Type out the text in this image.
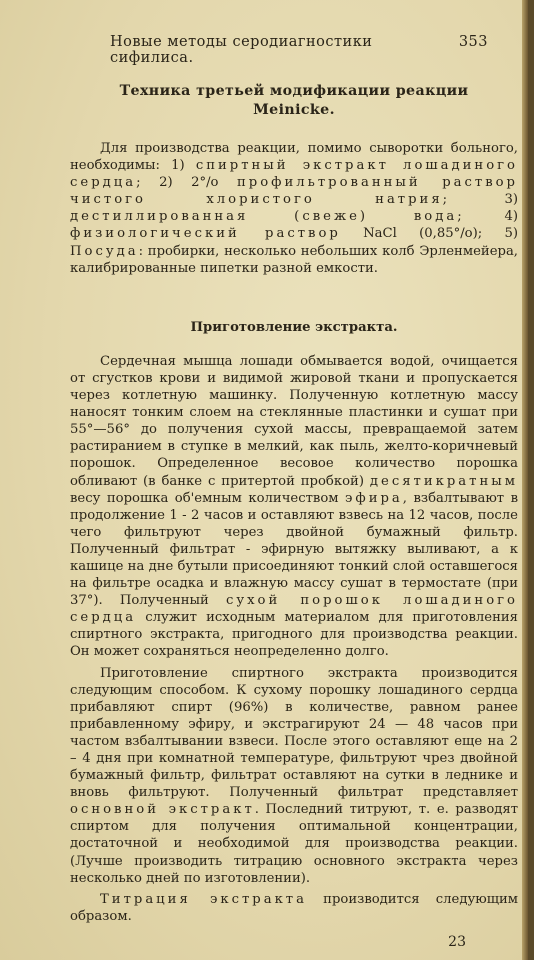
Новые методы серодиагностики сифилиса.
353
Техника третьей модификации реакции
Meinicke.

Для производства реакции, помимо сыворотки больного, необходимы: 1) спиртный экстракт лошадиного сердца; 2) 2°/o профильтрованный раствор чистого хлористого натрия; 3) дестиллированная (свеже) вода; 4) физиологический раствор NaCl (0,85°/o); 5) Посуда: пробирки, несколько небольших колб Эрленмейера, калибрированные пипетки разной емкости.

Приготовление экстракта.

Сердечная мышца лошади обмывается водой, очищается от сгустков крови и видимой жировой ткани и пропускается через котлетную машинку. Полученную котлетную массу наносят тонким слоем на стеклянные пластинки и сушат при 55°—56° до получения сухой массы, превращаемой затем растиранием в ступке в мелкий, как пыль, желто-коричневый порошок. Определенное весовое количество порошка обливают (в банке с притертой пробкой) десятикратным весу порошка об'емным количеством эфира, взбалтывают в продолжение 1 - 2 часов и оставляют взвесь на 12 часов, после чего фильтруют через двойной бумажный фильтр. Полученный фильтрат - эфирную вытяжку выливают, а к кашице на дне бутыли присоединяют тонкий слой оставшегося на фильтре осадка и влажную массу сушат в термостате (при 37°). Полученный сухой порошок лошадиного сердца служит исходным материалом для приготовления спиртного экстракта, пригодного для производства реакции. Он может сохраняться неопределенно долго.

Приготовление спиртного экстракта производится следующим способом. К сухому порошку лошадиного сердца прибавляют спирт (96%) в количестве, равном ранее прибавленному эфиру, и экстрагируют 24 — 48 часов при частом взбалтывании взвеси. После этого оставляют еще на 2 – 4 дня при комнатной температуре, фильтруют чрез двойной бумажный фильтр, фильтрат оставляют на сутки в леднике и вновь фильтруют. Полученный фильтрат представляет основной экстракт. Последний титруют, т. е. разводят спиртом для получения оптимальной концентрации, достаточной и необходимой для производства реакции. (Лучше производить титрацию основного экстракта через несколько дней по изготовлении).

Титрация экстракта производится следующим образом.

23
